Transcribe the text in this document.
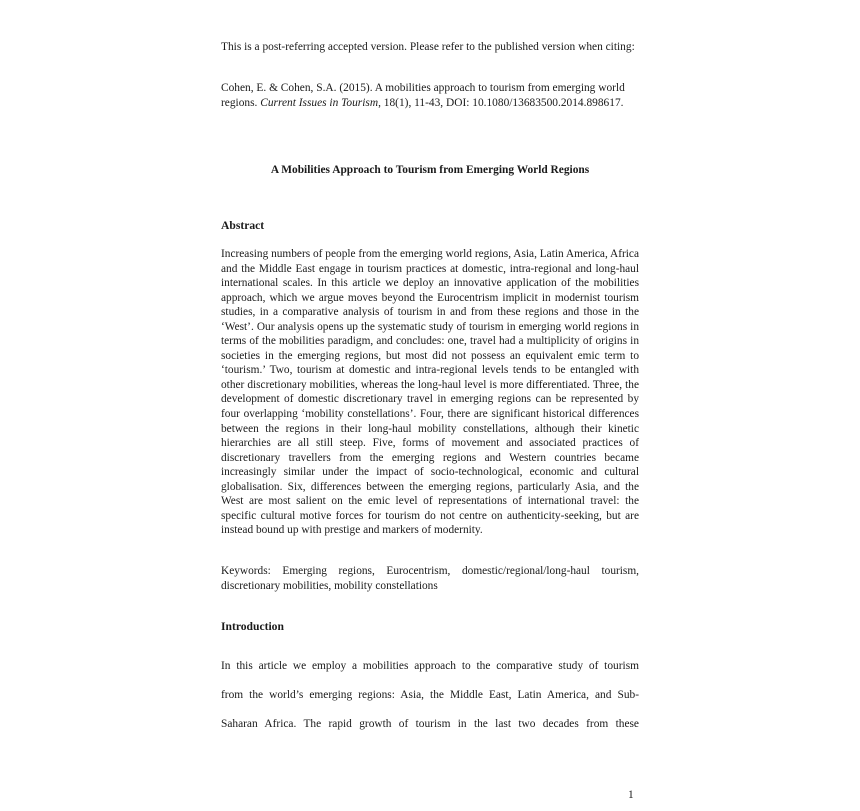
This is a post-referring accepted version. Please refer to the published version when citing:
Cohen, E. & Cohen, S.A. (2015). A mobilities approach to tourism from emerging world regions. Current Issues in Tourism, 18(1), 11-43, DOI: 10.1080/13683500.2014.898617.
A Mobilities Approach to Tourism from Emerging World Regions
Abstract
Increasing numbers of people from the emerging world regions, Asia, Latin America, Africa and the Middle East engage in tourism practices at domestic, intra-regional and long-haul international scales. In this article we deploy an innovative application of the mobilities approach, which we argue moves beyond the Eurocentrism implicit in modernist tourism studies, in a comparative analysis of tourism in and from these regions and those in the ‘West’. Our analysis opens up the systematic study of tourism in emerging world regions in terms of the mobilities paradigm, and concludes: one, travel had a multiplicity of origins in societies in the emerging regions, but most did not possess an equivalent emic term to ‘tourism.’ Two, tourism at domestic and intra-regional levels tends to be entangled with other discretionary mobilities, whereas the long-haul level is more differentiated. Three, the development of domestic discretionary travel in emerging regions can be represented by four overlapping ‘mobility constellations’. Four, there are significant historical differences between the regions in their long-haul mobility constellations, although their kinetic hierarchies are all still steep. Five, forms of movement and associated practices of discretionary travellers from the emerging regions and Western countries became increasingly similar under the impact of socio-technological, economic and cultural globalisation. Six, differences between the emerging regions, particularly Asia, and the West are most salient on the emic level of representations of international travel: the specific cultural motive forces for tourism do not centre on authenticity-seeking, but are instead bound up with prestige and markers of modernity.
Keywords: Emerging regions, Eurocentrism, domestic/regional/long-haul tourism, discretionary mobilities, mobility constellations
Introduction

In this article we employ a mobilities approach to the comparative study of tourism

from the world’s emerging regions: Asia, the Middle East, Latin America, and Sub-

Saharan Africa. The rapid growth of tourism in the last two decades from these

1
